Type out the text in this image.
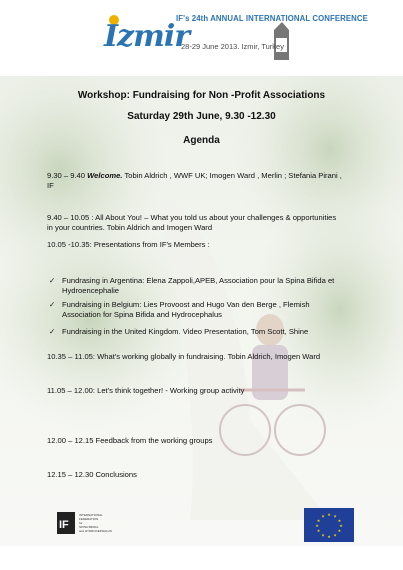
Izmir
IF's 24th ANNUAL INTERNATIONAL CONFERENCE
28-29 June 2013. Izmir, Turkey
Workshop: Fundraising for Non -Profit Associations
Saturday 29th June, 9.30 -12.30
Agenda
9.30 – 9.40 Welcome. Tobin Aldrich , WWF UK; Imogen Ward , Merlin ; Stefania Pirani ,
IF
9.40 – 10.05 : All About You! – What you told us about your challenges & opportunities
in your countries. Tobin Aldrich and Imogen Ward
10.05 -10.35: Presentations from IF's Members :
✓ Fundrasing in Argentina: Elena Zappoli,APEB, Association pour la Spina Bifida et
Hydroencephalie
✓ Fundraising in Belgium: Lies Provoost and Hugo Van den Berge , Flemish
Association for Spina Bifida and Hydrocephalus
✓ Fundraising in the United Kingdom. Video Presentation, Tom Scott, Shine
10.35 – 11.05: What's working globally in fundraising. Tobin Aldrich, Imogen Ward
11.05 – 12.00: Let's think together! - Working group activity
12.00 – 12.15 Feedback from the working groups
12.15 – 12.30 Conclusions
IF
INTERNATIONAL
FEDERATION
for
SPINA BIFIDA
and HYDROCEPHALUS
★ ★
★
★
★
★
★
★
★
★
★
★
